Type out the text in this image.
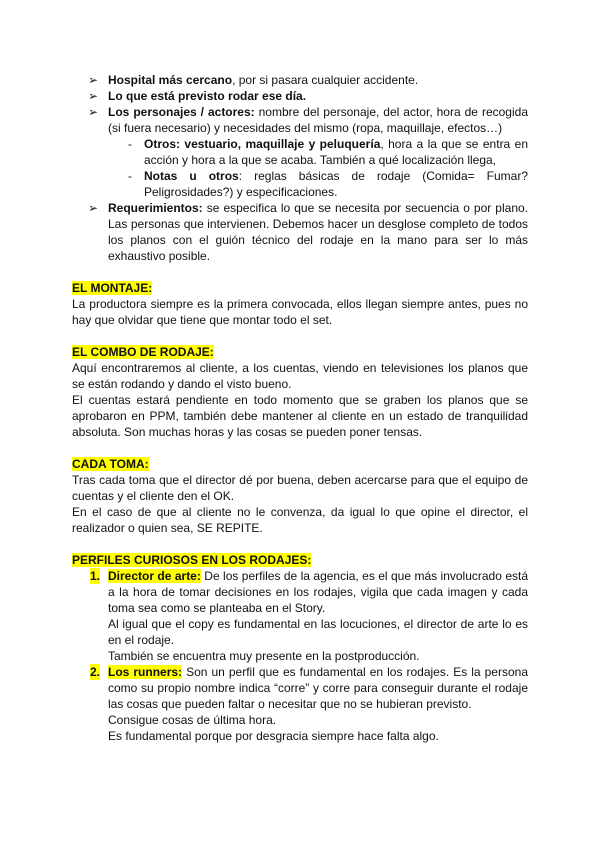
➢ Hospital más cercano, por si pasara cualquier accidente.
➢ Lo que está previsto rodar ese día.
➢ Los personajes / actores: nombre del personaje, del actor, hora de recogida (si fuera necesario) y necesidades del mismo (ropa, maquillaje, efectos…)
- Otros: vestuario, maquillaje y peluquería, hora a la que se entra en acción y hora a la que se acaba. También a qué localización llega,
- Notas u otros: reglas básicas de rodaje (Comida= Fumar? Peligrosidades?) y especificaciones.
➢ Requerimientos: se especifica lo que se necesita por secuencia o por plano. Las personas que intervienen. Debemos hacer un desglose completo de todos los planos con el guión técnico del rodaje en la mano para ser lo más exhaustivo posible.
EL MONTAJE:
La productora siempre es la primera convocada, ellos llegan siempre antes, pues no hay que olvidar que tiene que montar todo el set.
EL COMBO DE RODAJE:
Aquí encontraremos al cliente, a los cuentas, viendo en televisiones los planos que se están rodando y dando el visto bueno.
El cuentas estará pendiente en todo momento que se graben los planos que se aprobaron en PPM, también debe mantener al cliente en un estado de tranquilidad absoluta. Son muchas horas y las cosas se pueden poner tensas.
CADA TOMA:
Tras cada toma que el director dé por buena, deben acercarse para que el equipo de cuentas y el cliente den el OK.
En el caso de que al cliente no le convenza, da igual lo que opine el director, el realizador o quien sea, SE REPITE.
PERFILES CURIOSOS EN LOS RODAJES:
1. Director de arte: De los perfiles de la agencia, es el que más involucrado está a la hora de tomar decisiones en los rodajes, vigila que cada imagen y cada toma sea como se planteaba en el Story.
Al igual que el copy es fundamental en las locuciones, el director de arte lo es en el rodaje.
También se encuentra muy presente en la postproducción.
2. Los runners: Son un perfil que es fundamental en los rodajes. Es la persona como su propio nombre indica “corre” y corre para conseguir durante el rodaje las cosas que pueden faltar o necesitar que no se hubieran previsto.
Consigue cosas de última hora.
Es fundamental porque por desgracia siempre hace falta algo.
